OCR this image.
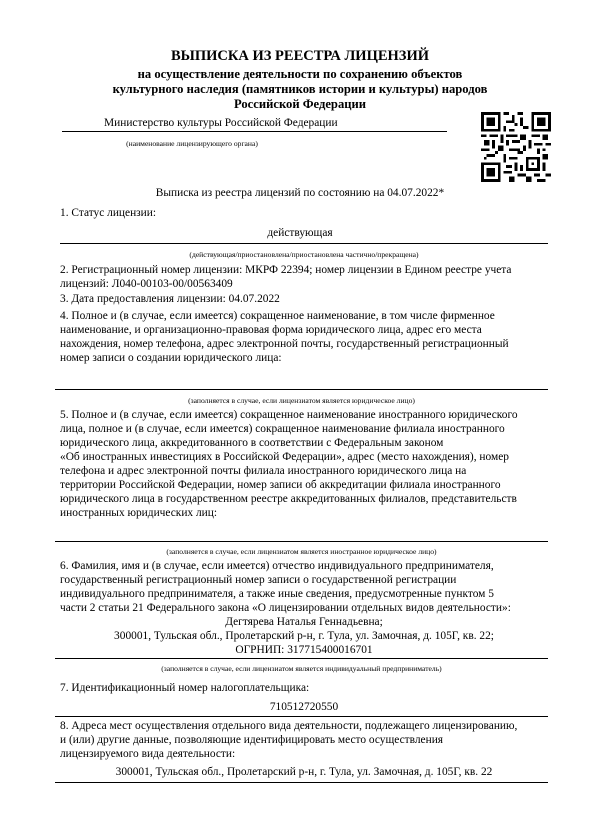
ВЫПИСКА ИЗ РЕЕСТРА ЛИЦЕНЗИЙ
на осуществление деятельности по сохранению объектов
культурного наследия (памятников истории и культуры) народов
Российской Федерации
Министерство культуры Российской Федерации
(наименование лицензирующего органа)
Выписка из реестра лицензий по состоянию на 04.07.2022*
1. Статус лицензии:
действующая
(действующая/приостановлена/приостановлена частично/прекращена)
2. Регистрационный номер лицензии: МКРФ 22394; номер лицензии в Едином реестре учета
лицензий: Л040-00103-00/00563409
3. Дата предоставления лицензии: 04.07.2022
4. Полное и (в случае, если имеется) сокращенное наименование, в том числе фирменное
наименование, и организационно-правовая форма юридического лица, адрес его места
нахождения, номер телефона, адрес электронной почты, государственный регистрационный
номер записи о создании юридического лица:
(заполняется в случае, если лицензиатом является юридическое лицо)
5. Полное и (в случае, если имеется) сокращенное наименование иностранного юридического
лица, полное и (в случае, если имеется) сокращенное наименование филиала иностранного
юридического лица, аккредитованного в соответствии с Федеральным законом
«Об иностранных инвестициях в Российской Федерации», адрес (место нахождения), номер
телефона и адрес электронной почты филиала иностранного юридического лица на
территории Российской Федерации, номер записи об аккредитации филиала иностранного
юридического лица в государственном реестре аккредитованных филиалов, представительств
иностранных юридических лиц:
(заполняется в случае, если лицензиатом является иностранное юридическое лицо)
6. Фамилия, имя и (в случае, если имеется) отчество индивидуального предпринимателя,
государственный регистрационный номер записи о государственной регистрации
индивидуального предпринимателя, а также иные сведения, предусмотренные пунктом 5
части 2 статьи 21 Федерального закона «О лицензировании отдельных видов деятельности»:
Дегтярева Наталья Геннадьевна;
300001, Тульская обл., Пролетарский р-н, г. Тула, ул. Замочная, д. 105Г, кв. 22;
ОГРНИП: 317715400016701
(заполняется в случае, если лицензиатом является индивидуальный предприниматель)
7. Идентификационный номер налогоплательщика:
710512720550
8. Адреса мест осуществления отдельного вида деятельности, подлежащего лицензированию,
и (или) другие данные, позволяющие идентифицировать место осуществления
лицензируемого вида деятельности:
300001, Тульская обл., Пролетарский р-н, г. Тула, ул. Замочная, д. 105Г, кв. 22
